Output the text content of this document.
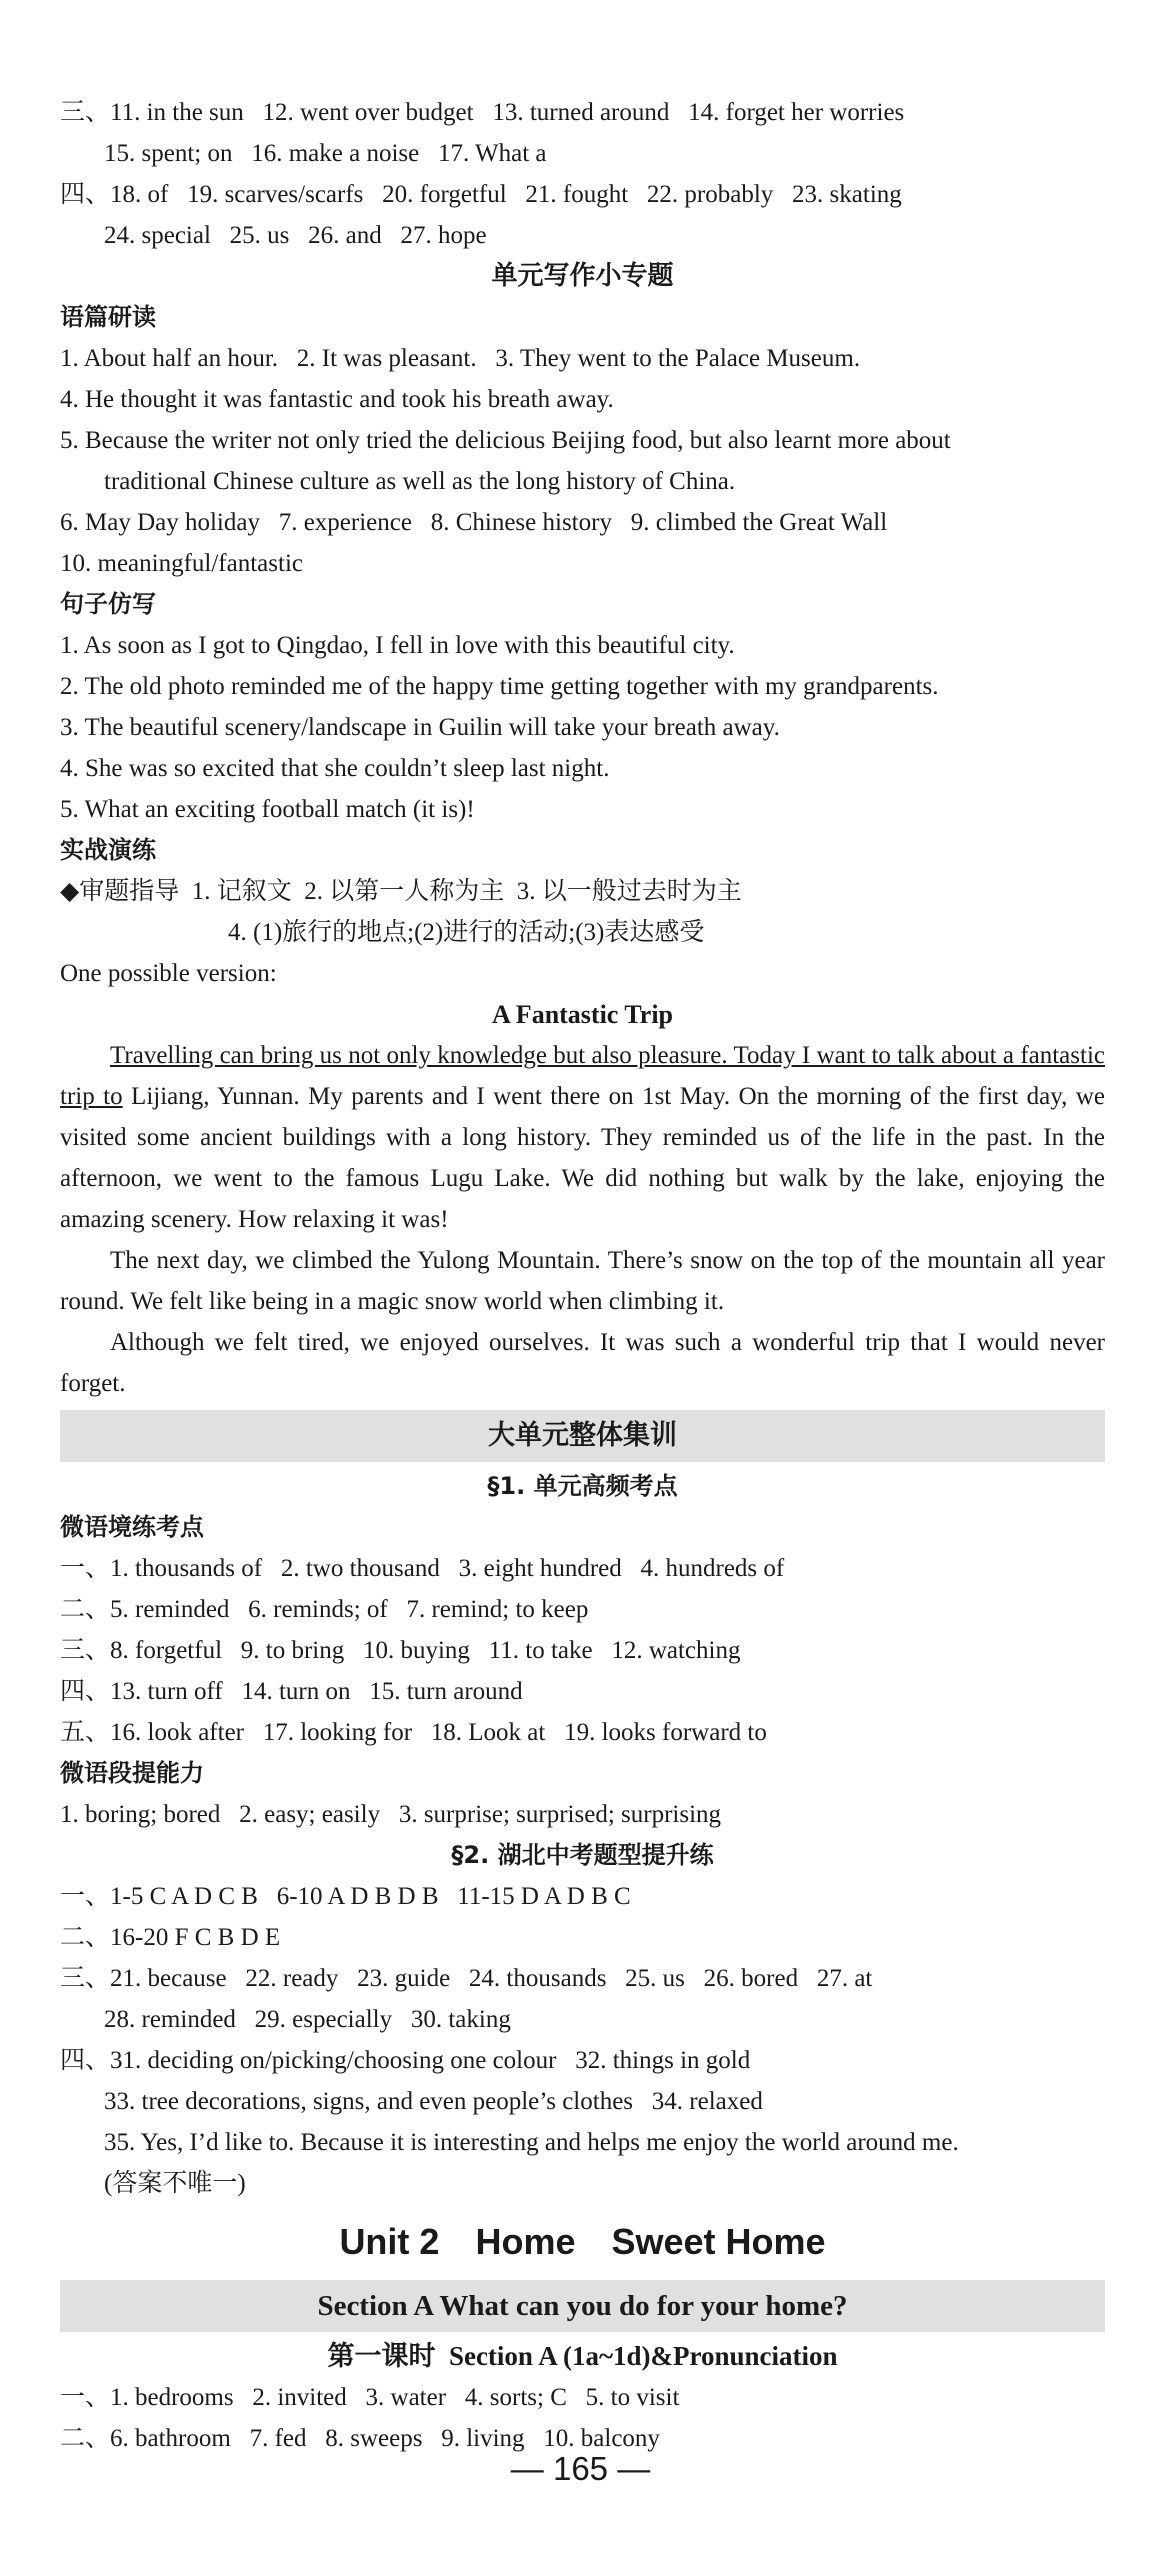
三、11. in the sun   12. went over budget   13. turned around   14. forget her worries
15. spent; on   16. make a noise   17. What a
四、18. of   19. scarves/scarfs   20. forgetful   21. fought   22. probably   23. skating
24. special   25. us   26. and   27. hope
单元写作小专题
语篇研读
1. About half an hour.   2. It was pleasant.   3. They went to the Palace Museum.
4. He thought it was fantastic and took his breath away.
5. Because the writer not only tried the delicious Beijing food, but also learnt more about
traditional Chinese culture as well as the long history of China.
6. May Day holiday   7. experience   8. Chinese history   9. climbed the Great Wall
10. meaningful/fantastic
句子仿写
1. As soon as I got to Qingdao, I fell in love with this beautiful city.
2. The old photo reminded me of the happy time getting together with my grandparents.
3. The beautiful scenery/landscape in Guilin will take your breath away.
4. She was so excited that she couldn’t sleep last night.
5. What an exciting football match (it is)!
实战演练
◆审题指导  1. 记叙文  2. 以第一人称为主  3. 以一般过去时为主
4. (1)旅行的地点;(2)进行的活动;(3)表达感受
One possible version:
A Fantastic Trip
Travelling can bring us not only knowledge but also pleasure. Today I want to talk about a fantastic trip to Lijiang, Yunnan. My parents and I went there on 1st May. On the morning of the first day, we visited some ancient buildings with a long history. They reminded us of the life in the past. In the afternoon, we went to the famous Lugu Lake. We did nothing but walk by the lake, enjoying the amazing scenery. How relaxing it was!
The next day, we climbed the Yulong Mountain. There’s snow on the top of the mountain all year round. We felt like being in a magic snow world when climbing it.
Although we felt tired, we enjoyed ourselves. It was such a wonderful trip that I would never forget.
大单元整体集训
§1. 单元高频考点
微语境练考点
一、1. thousands of   2. two thousand   3. eight hundred   4. hundreds of
二、5. reminded   6. reminds; of   7. remind; to keep
三、8. forgetful   9. to bring   10. buying   11. to take   12. watching
四、13. turn off   14. turn on   15. turn around
五、16. look after   17. looking for   18. Look at   19. looks forward to
微语段提能力
1. boring; bored   2. easy; easily   3. surprise; surprised; surprising
§2. 湖北中考题型提升练
一、1-5 C A D C B   6-10 A D B D B   11-15 D A D B C
二、16-20 F C B D E
三、21. because   22. ready   23. guide   24. thousands   25. us   26. bored   27. at
28. reminded   29. especially   30. taking
四、31. deciding on/picking/choosing one colour   32. things in gold
33. tree decorations, signs, and even people’s clothes   34. relaxed
35. Yes, I’d like to. Because it is interesting and helps me enjoy the world around me.
(答案不唯一)
Unit 2 Home Sweet Home
Section A What can you do for your home?
第一课时  Section A (1a~1d)&Pronunciation
一、1. bedrooms   2. invited   3. water   4. sorts; C   5. to visit
二、6. bathroom   7. fed   8. sweeps   9. living   10. balcony
— 165 —
